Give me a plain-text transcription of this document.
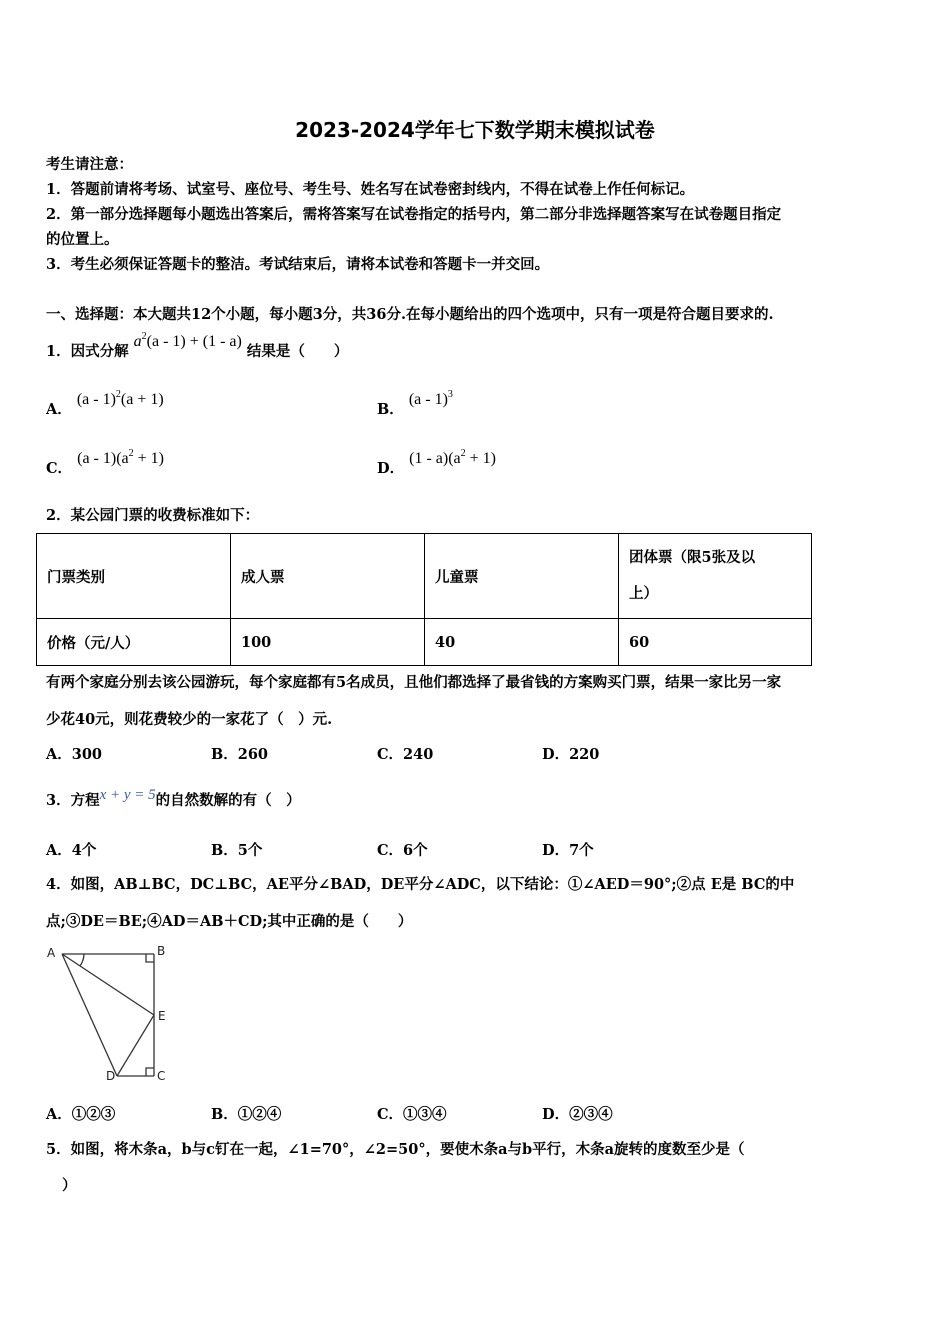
2023-2024学年七下数学期末模拟试卷
考生请注意：
1．答题前请将考场、试室号、座位号、考生号、姓名写在试卷密封线内，不得在试卷上作任何标记。
2．第一部分选择题每小题选出答案后，需将答案写在试卷指定的括号内，第二部分非选择题答案写在试卷题目指定
的位置上。
3．考生必须保证答题卡的整洁。考试结束后，请将本试卷和答题卡一并交回。
一、选择题：本大题共12个小题，每小题3分，共36分.在每小题给出的四个选项中，只有一项是符合题目要求的.
1．因式分解 $a^2(a - 1) + (1 - a)$ 结果是（　　）
A． (a - 1)$^2$(a + 1)
B． (a - 1)$^3$
C． $(a - 1)(a^2 + 1)$
D． $(1 - a)(a^2 + 1)$
2．某公园门票的收费标准如下：
门票类别	成人票	儿童票	团体票（限5张及以
上）

价格（元/人）	100	40	60
有两个家庭分别去该公园游玩，每个家庭都有5名成员，且他们都选择了最省钱的方案购买门票，结果一家比另一家
少花40元，则花费较少的一家花了（　）元.
A．300	B．260	C．240	D．220
3．方程x + y = 5的自然数解的有（　）
A．4个	B．5个	C．6个	D．7个
4．如图，AB⊥BC，DC⊥BC，AE平分∠BAD，DE平分∠ADC，以下结论：①∠AED＝90°;②点 E是 BC的中
点;③DE＝BE;④AD＝AB＋CD;其中正确的是（　　）
A	B
E
D	C
A．①②③	B．①②④	C．①③④	D．②③④
5．如图，将木条a，b与c钉在一起，∠1=70°，∠2=50°，要使木条a与b平行，木条a旋转的度数至少是（
）
